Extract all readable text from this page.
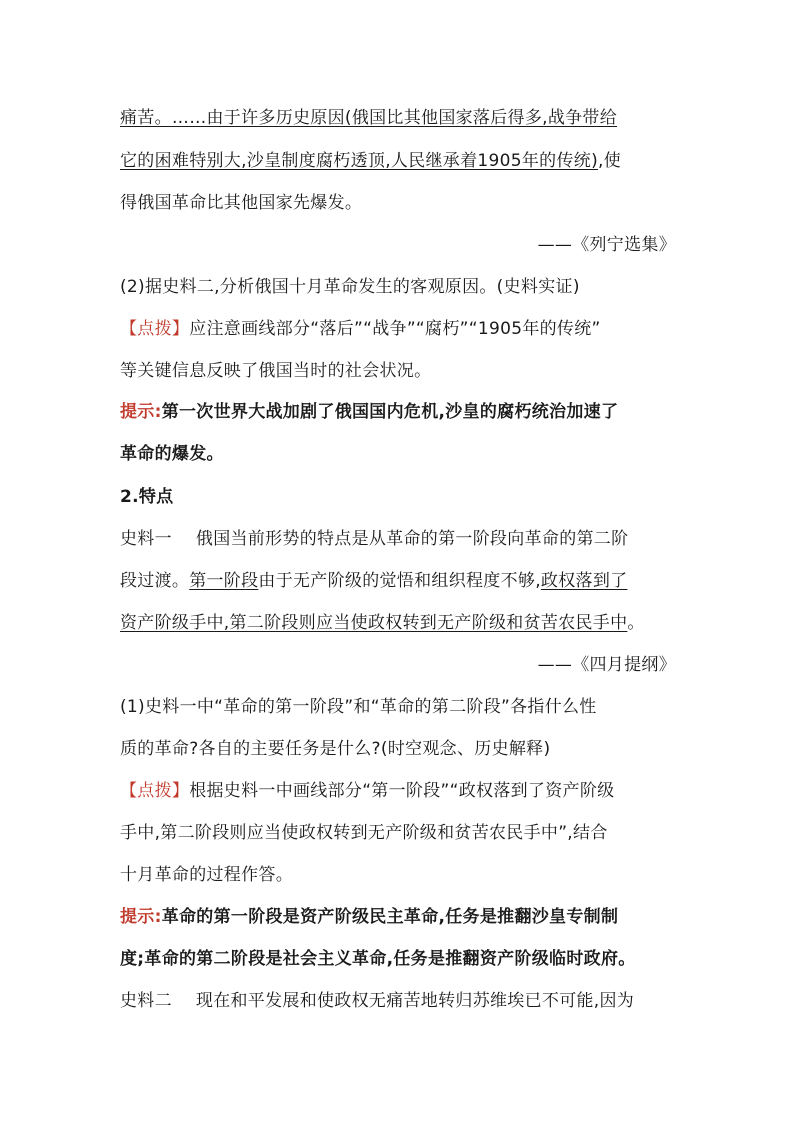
痛苦。……由于许多历史原因(俄国比其他国家落后得多,战争带给
它的困难特别大,沙皇制度腐朽透顶,人民继承着1905年的传统),使
得俄国革命比其他国家先爆发。
——《列宁选集》
(2)据史料二,分析俄国十月革命发生的客观原因。(史料实证)
【点拨】应注意画线部分“落后”“战争”“腐朽”“1905年的传统”
等关键信息反映了俄国当时的社会状况。
提示:第一次世界大战加剧了俄国国内危机,沙皇的腐朽统治加速了
革命的爆发。
2.特点
史料一 俄国当前形势的特点是从革命的第一阶段向革命的第二阶
段过渡。第一阶段由于无产阶级的觉悟和组织程度不够,政权落到了
资产阶级手中,第二阶段则应当使政权转到无产阶级和贫苦农民手中。
——《四月提纲》
(1)史料一中“革命的第一阶段”和“革命的第二阶段”各指什么性
质的革命?各自的主要任务是什么?(时空观念、历史解释)
【点拨】根据史料一中画线部分“第一阶段”“政权落到了资产阶级
手中,第二阶段则应当使政权转到无产阶级和贫苦农民手中”,结合
十月革命的过程作答。
提示:革命的第一阶段是资产阶级民主革命,任务是推翻沙皇专制制
度;革命的第二阶段是社会主义革命,任务是推翻资产阶级临时政府。
史料二 现在和平发展和使政权无痛苦地转归苏维埃已不可能,因为
